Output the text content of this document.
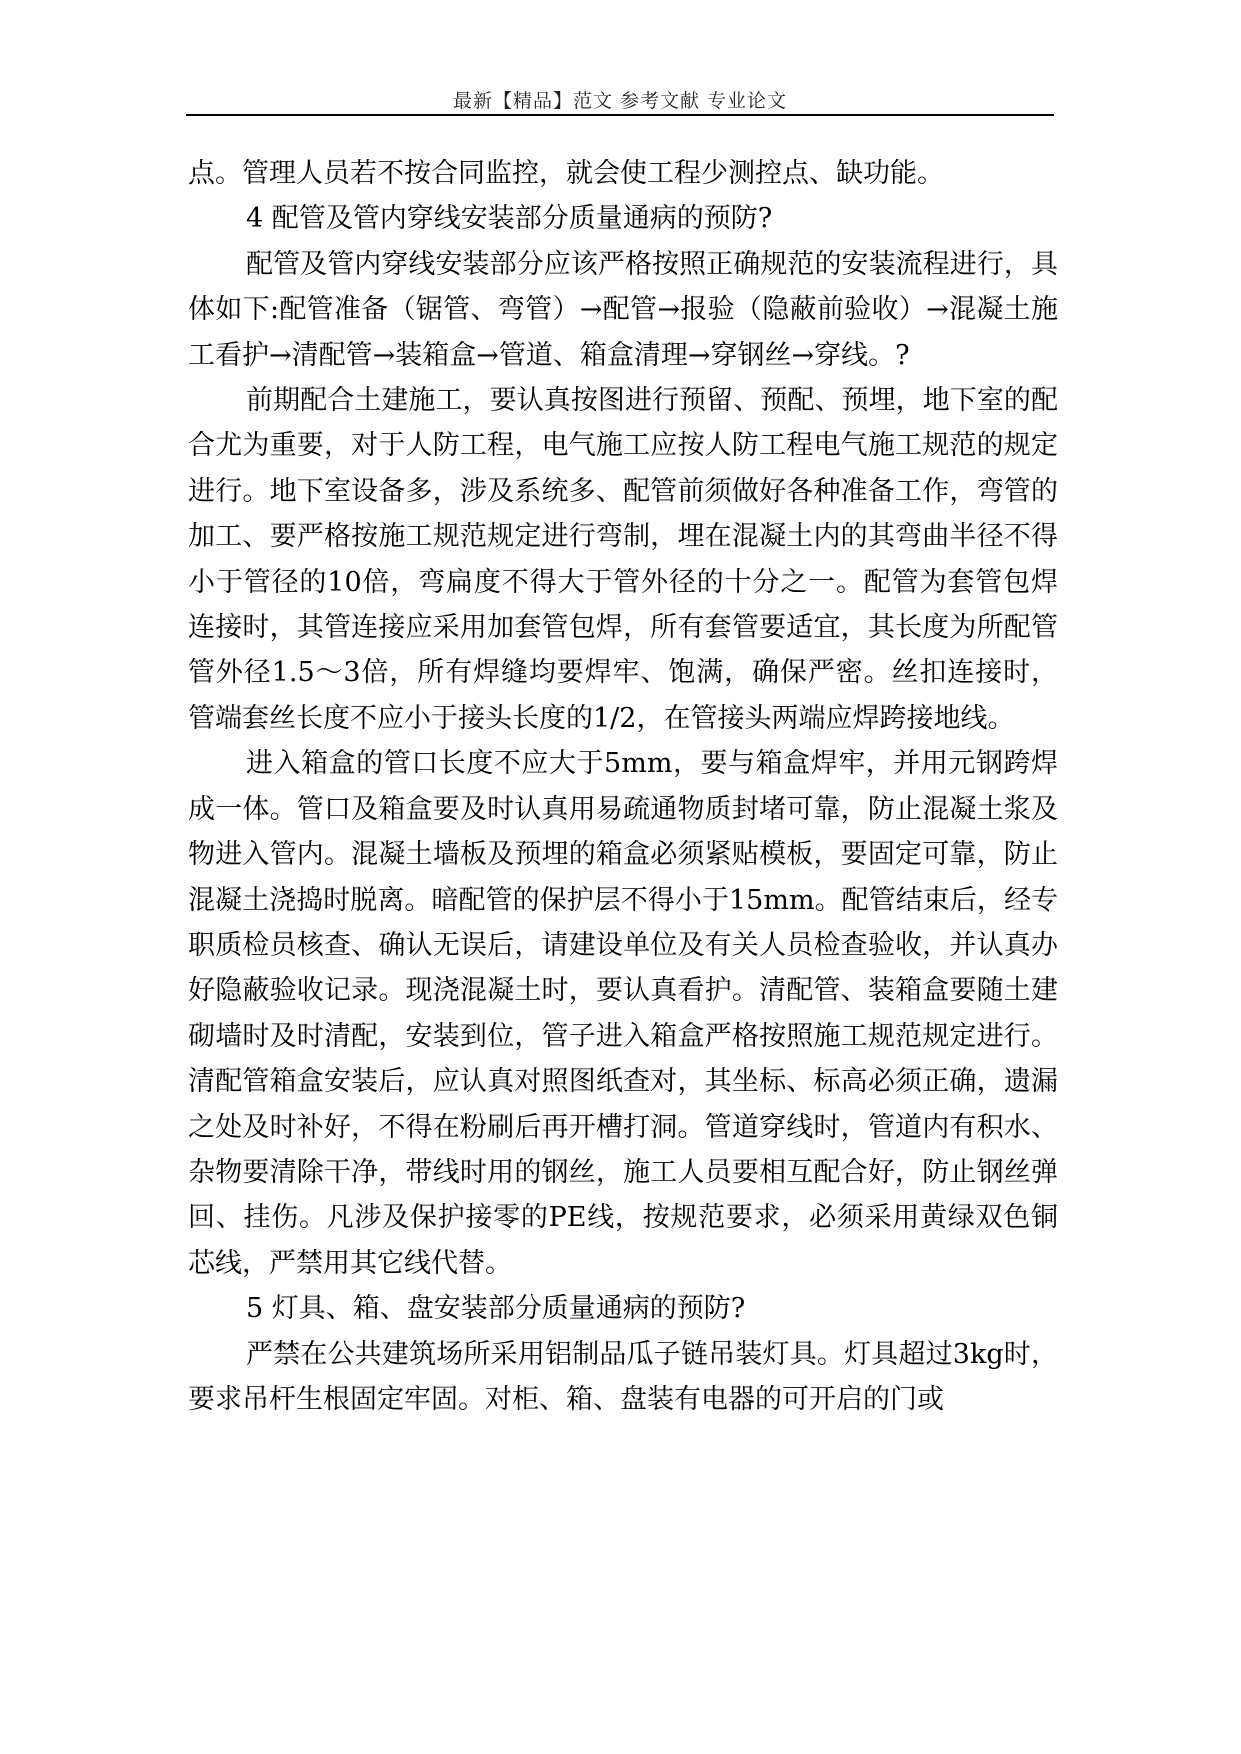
最新【精品】范文 参考文献 专业论文

点。管理人员若不按合同监控，就会使工程少测控点、缺功能。

4 配管及管内穿线安装部分质量通病的预防?

配管及管内穿线安装部分应该严格按照正确规范的安装流程进行，具体如下:配管准备（锯管、弯管）→配管→报验（隐蔽前验收）→混凝土施工看护→清配管→装箱盒→管道、箱盒清理→穿钢丝→穿线。?

前期配合土建施工，要认真按图进行预留、预配、预埋，地下室的配合尤为重要，对于人防工程，电气施工应按人防工程电气施工规范的规定进行。地下室设备多，涉及系统多、配管前须做好各种准备工作，弯管的加工、要严格按施工规范规定进行弯制，埋在混凝土内的其弯曲半径不得小于管径的10倍，弯扁度不得大于管外径的十分之一。配管为套管包焊连接时，其管连接应采用加套管包焊，所有套管要适宜，其长度为所配管管外径1.5～3倍，所有焊缝均要焊牢、饱满，确保严密。丝扣连接时，管端套丝长度不应小于接头长度的1/2，在管接头两端应焊跨接地线。

进入箱盒的管口长度不应大于5mm，要与箱盒焊牢，并用元钢跨焊成一体。管口及箱盒要及时认真用易疏通物质封堵可靠，防止混凝土浆及物进入管内。混凝土墙板及预埋的箱盒必须紧贴模板，要固定可靠，防止混凝土浇捣时脱离。暗配管的保护层不得小于15mm。配管结束后，经专职质检员核查、确认无误后，请建设单位及有关人员检查验收，并认真办好隐蔽验收记录。现浇混凝土时，要认真看护。清配管、装箱盒要随土建砌墙时及时清配，安装到位，管子进入箱盒严格按照施工规范规定进行。清配管箱盒安装后，应认真对照图纸查对，其坐标、标高必须正确，遗漏之处及时补好，不得在粉刷后再开槽打洞。管道穿线时，管道内有积水、杂物要清除干净，带线时用的钢丝，施工人员要相互配合好，防止钢丝弹回、挂伤。凡涉及保护接零的PE线，按规范要求，必须采用黄绿双色铜芯线，严禁用其它线代替。

5 灯具、箱、盘安装部分质量通病的预防?

严禁在公共建筑场所采用铝制品瓜子链吊装灯具。灯具超过3kg时，要求吊杆生根固定牢固。对柜、箱、盘装有电器的可开启的门或
